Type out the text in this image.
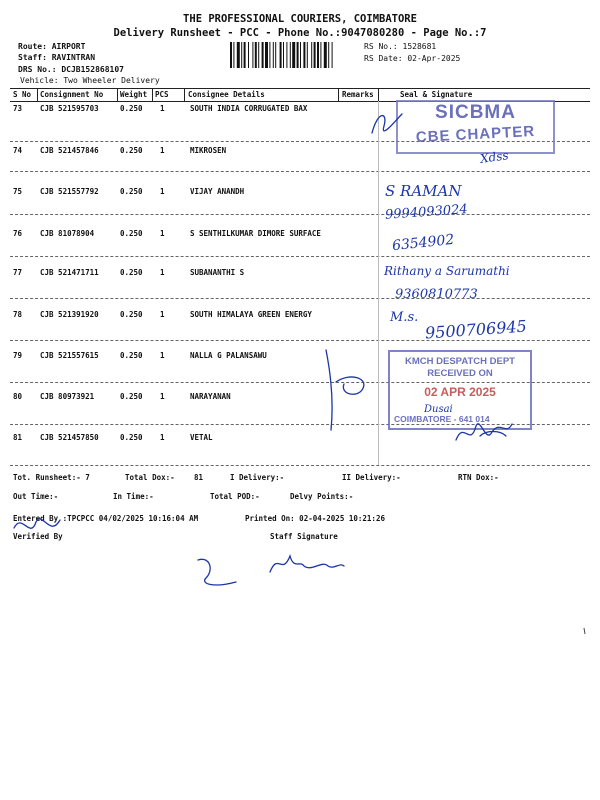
THE PROFESSIONAL COURIERS, COIMBATORE
Delivery Runsheet - PCC - Phone No.:9047080280 - Page No.:7
Route: AIRPORT
Staff: RAVINTRAN
DRS No.: DCJB152868107
Vehicle: Two Wheeler Delivery
RS No.: 1528681
RS Date: 02-Apr-2025
S No Consignment No Weight PCS	Consignee Details	Remarks	Seal & Signature
73 CJB 521595703	0.250 1	SOUTH INDIA CORRUGATED BAX
74 CJB 521457846	0.250 1	MIKROSEN
75 CJB 521557792	0.250 1	VIJAY ANANDH
76 CJB 81078904	0.250 1	S SENTHILKUMAR DIMORE SURFACE
77 CJB 521471711	0.250 1	SUBANANTHI S
78 CJB 521391920	0.250 1	SOUTH HIMALAYA GREEN ENERGY
79 CJB 521557615	0.250 1	NALLA G PALANSAWU
80 CJB 80973921	0.250 1	NARAYANAN
81 CJB 521457850	0.250 1	VETAL
Tot. Runsheet:- 7	Total Dox:-	81	I Delivery:-	II Delivery:-	RTN Dox:-
Out Time:-	In Time:-	Total POD:-	Delvy Points:-
Entered By :TPCPCC 04/02/2025 10:16:04 AM	Printed On: 02-04-2025 10:21:26
Verified By	Staff Signature
SICBMA
CBE CHAPTER
KMCH DESPATCH DEPT
RECEIVED ON
02 APR 2025
COIMBATORE - 641 014
Xdss
S RAMAN
9994093024
6354902
Rithany a Sarumathi
9360810773
M.s. 9500706945
Dusai
